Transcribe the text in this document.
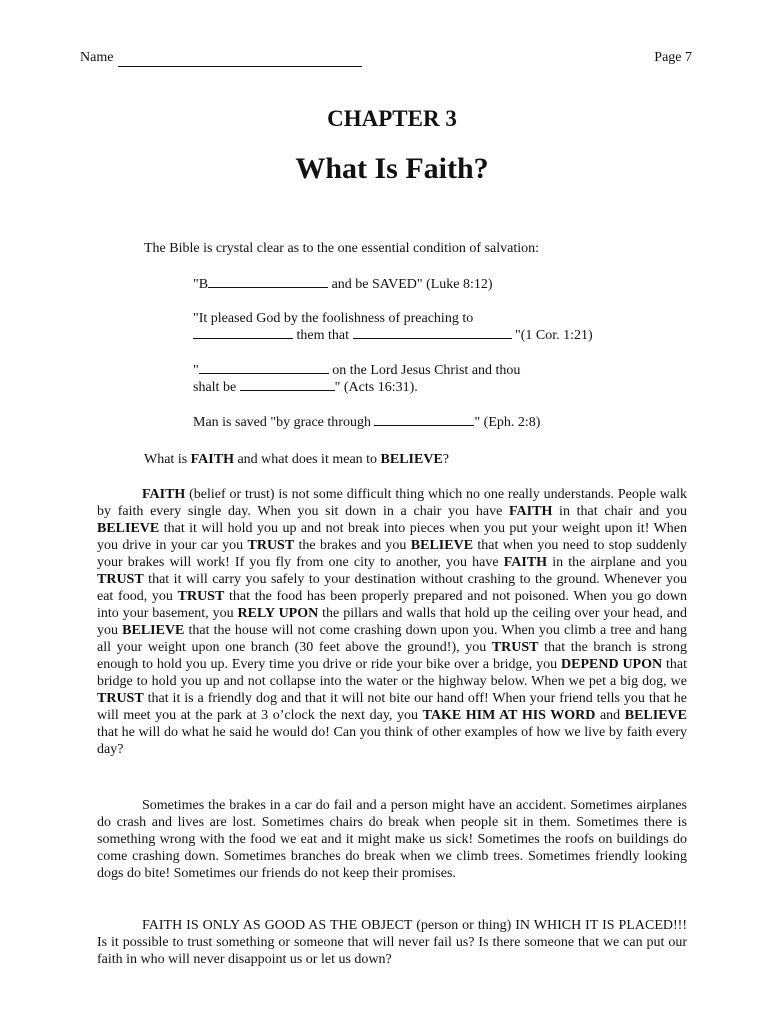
Name	Page 7
CHAPTER 3
What Is Faith?
The Bible is crystal clear as to the one essential condition of salvation:
"B	and be SAVED" (Luke 8:12)
"It pleased God by the foolishness of preaching to
them that	"(1 Cor. 1:21)
"	on the Lord Jesus Christ and thou
shalt be	" (Acts 16:31).
Man is saved "by grace through	" (Eph. 2:8)
What is FAITH and what does it mean to BELIEVE?
FAITH (belief or trust) is not some difficult thing which no one really understands. People walk by faith every single day. When you sit down in a chair you have FAITH in that chair and you BELIEVE that it will hold you up and not break into pieces when you put your weight upon it! When you drive in your car you TRUST the brakes and you BELIEVE that when you need to stop suddenly your brakes will work! If you fly from one city to another, you have FAITH in the airplane and you TRUST that it will carry you safely to your destination without crashing to the ground. Whenever you eat food, you TRUST that the food has been properly prepared and not poisoned. When you go down into your basement, you RELY UPON the pillars and walls that hold up the ceiling over your head, and you BELIEVE that the house will not come crashing down upon you. When you climb a tree and hang all your weight upon one branch (30 feet above the ground!), you TRUST that the branch is strong enough to hold you up. Every time you drive or ride your bike over a bridge, you DEPEND UPON that bridge to hold you up and not collapse into the water or the highway below. When we pet a big dog, we TRUST that it is a friendly dog and that it will not bite our hand off! When your friend tells you that he will meet you at the park at 3 o’clock the next day, you TAKE HIM AT HIS WORD and BELIEVE that he will do what he said he would do! Can you think of other examples of how we live by faith every day?
Sometimes the brakes in a car do fail and a person might have an accident. Sometimes airplanes do crash and lives are lost. Sometimes chairs do break when people sit in them. Sometimes there is something wrong with the food we eat and it might make us sick! Sometimes the roofs on buildings do come crashing down. Sometimes branches do break when we climb trees. Sometimes friendly looking dogs do bite! Sometimes our friends do not keep their promises.
FAITH IS ONLY AS GOOD AS THE OBJECT (person or thing) IN WHICH IT IS PLACED!!! Is it possible to trust something or someone that will never fail us? Is there someone that we can put our faith in who will never disappoint us or let us down?
